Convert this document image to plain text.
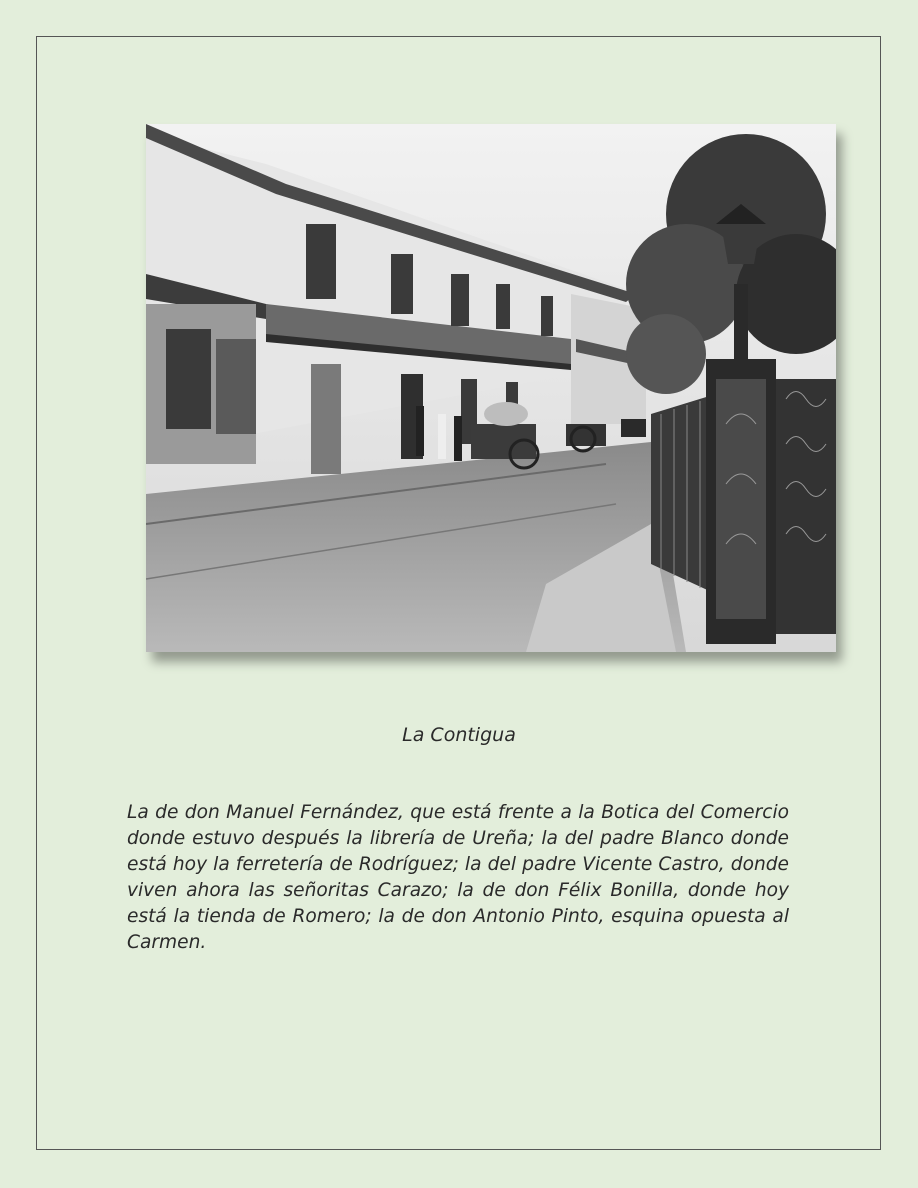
La Contigua

La de don Manuel Fernández, que está frente a la Botica del Comercio donde estuvo después la librería de Ureña; la del padre Blanco donde está hoy la ferretería de Rodríguez; la del padre Vicente Castro, donde viven ahora las señoritas Carazo; la de don Félix Bonilla, donde hoy está la tienda de Romero; la de don Antonio Pinto, esquina opuesta al Carmen.
